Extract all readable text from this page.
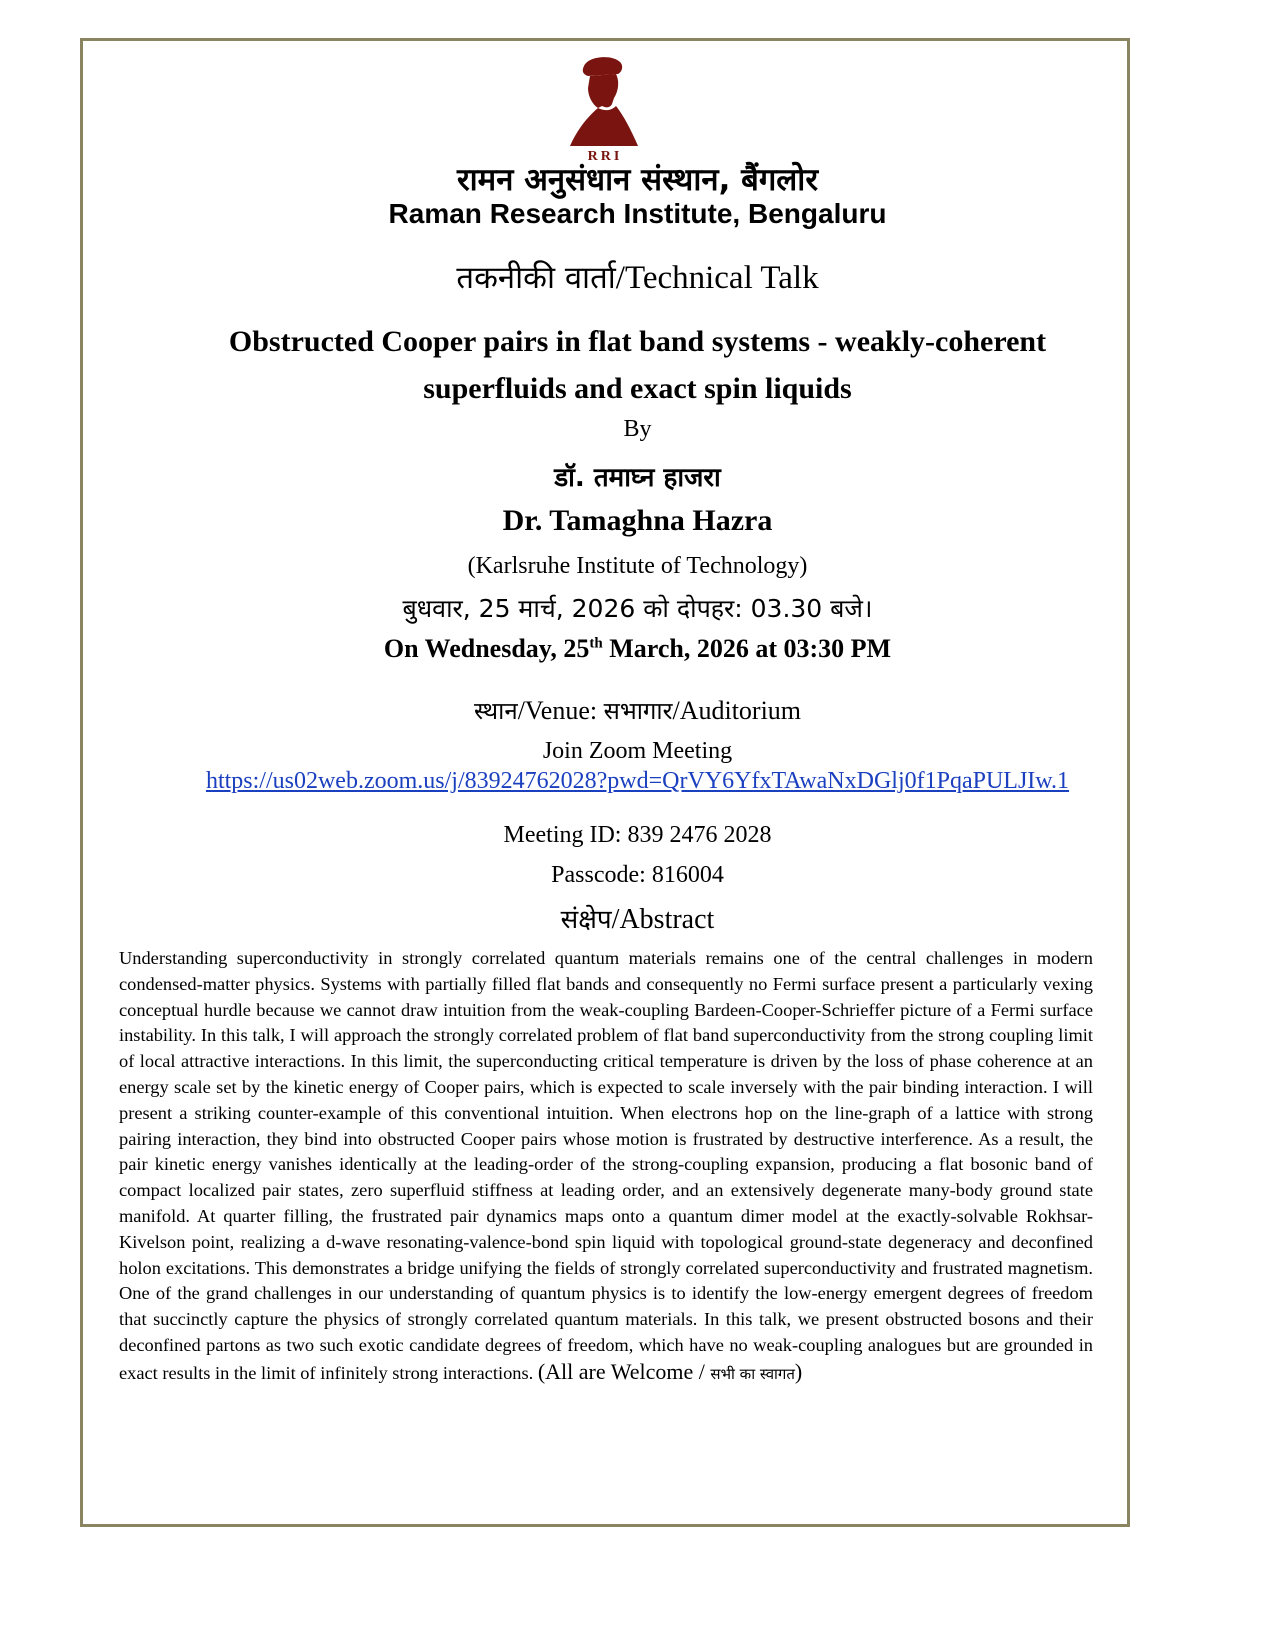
RRI
रामन अनुसंधान संस्थान, बैंगलोर
Raman Research Institute, Bengaluru
तकनीकी वार्ता/Technical Talk
Obstructed Cooper pairs in flat band systems - weakly-coherent superfluids and exact spin liquids
By
डॉ. तमाघ्न हाजरा
Dr. Tamaghna Hazra
(Karlsruhe Institute of Technology)
बुधवार, 25 मार्च, 2026 को दोपहर: 03.30 बजे।
On Wednesday, 25th March, 2026 at 03:30 PM
स्थान/Venue: सभागार/Auditorium
Join Zoom Meeting
https://us02web.zoom.us/j/83924762028?pwd=QrVY6YfxTAwaNxDGlj0f1PqaPULJIw.1
Meeting ID: 839 2476 2028
Passcode: 816004
संक्षेप/Abstract
Understanding superconductivity in strongly correlated quantum materials remains one of the central challenges in modern condensed-matter physics. Systems with partially filled flat bands and consequently no Fermi surface present a particularly vexing conceptual hurdle because we cannot draw intuition from the weak-coupling Bardeen-Cooper-Schrieffer picture of a Fermi surface instability. In this talk, I will approach the strongly correlated problem of flat band superconductivity from the strong coupling limit of local attractive interactions. In this limit, the superconducting critical temperature is driven by the loss of phase coherence at an energy scale set by the kinetic energy of Cooper pairs, which is expected to scale inversely with the pair binding interaction. I will present a striking counter-example of this conventional intuition. When electrons hop on the line-graph of a lattice with strong pairing interaction, they bind into obstructed Cooper pairs whose motion is frustrated by destructive interference. As a result, the pair kinetic energy vanishes identically at the leading-order of the strong-coupling expansion, producing a flat bosonic band of compact localized pair states, zero superfluid stiffness at leading order, and an extensively degenerate many-body ground state manifold. At quarter filling, the frustrated pair dynamics maps onto a quantum dimer model at the exactly-solvable Rokhsar-Kivelson point, realizing a d-wave resonating-valence-bond spin liquid with topological ground-state degeneracy and deconfined holon excitations. This demonstrates a bridge unifying the fields of strongly correlated superconductivity and frustrated magnetism. One of the grand challenges in our understanding of quantum physics is to identify the low-energy emergent degrees of freedom that succinctly capture the physics of strongly correlated quantum materials. In this talk, we present obstructed bosons and their deconfined partons as two such exotic candidate degrees of freedom, which have no weak-coupling analogues but are grounded in exact results in the limit of infinitely strong interactions. (All are Welcome / सभी का स्वागत)
